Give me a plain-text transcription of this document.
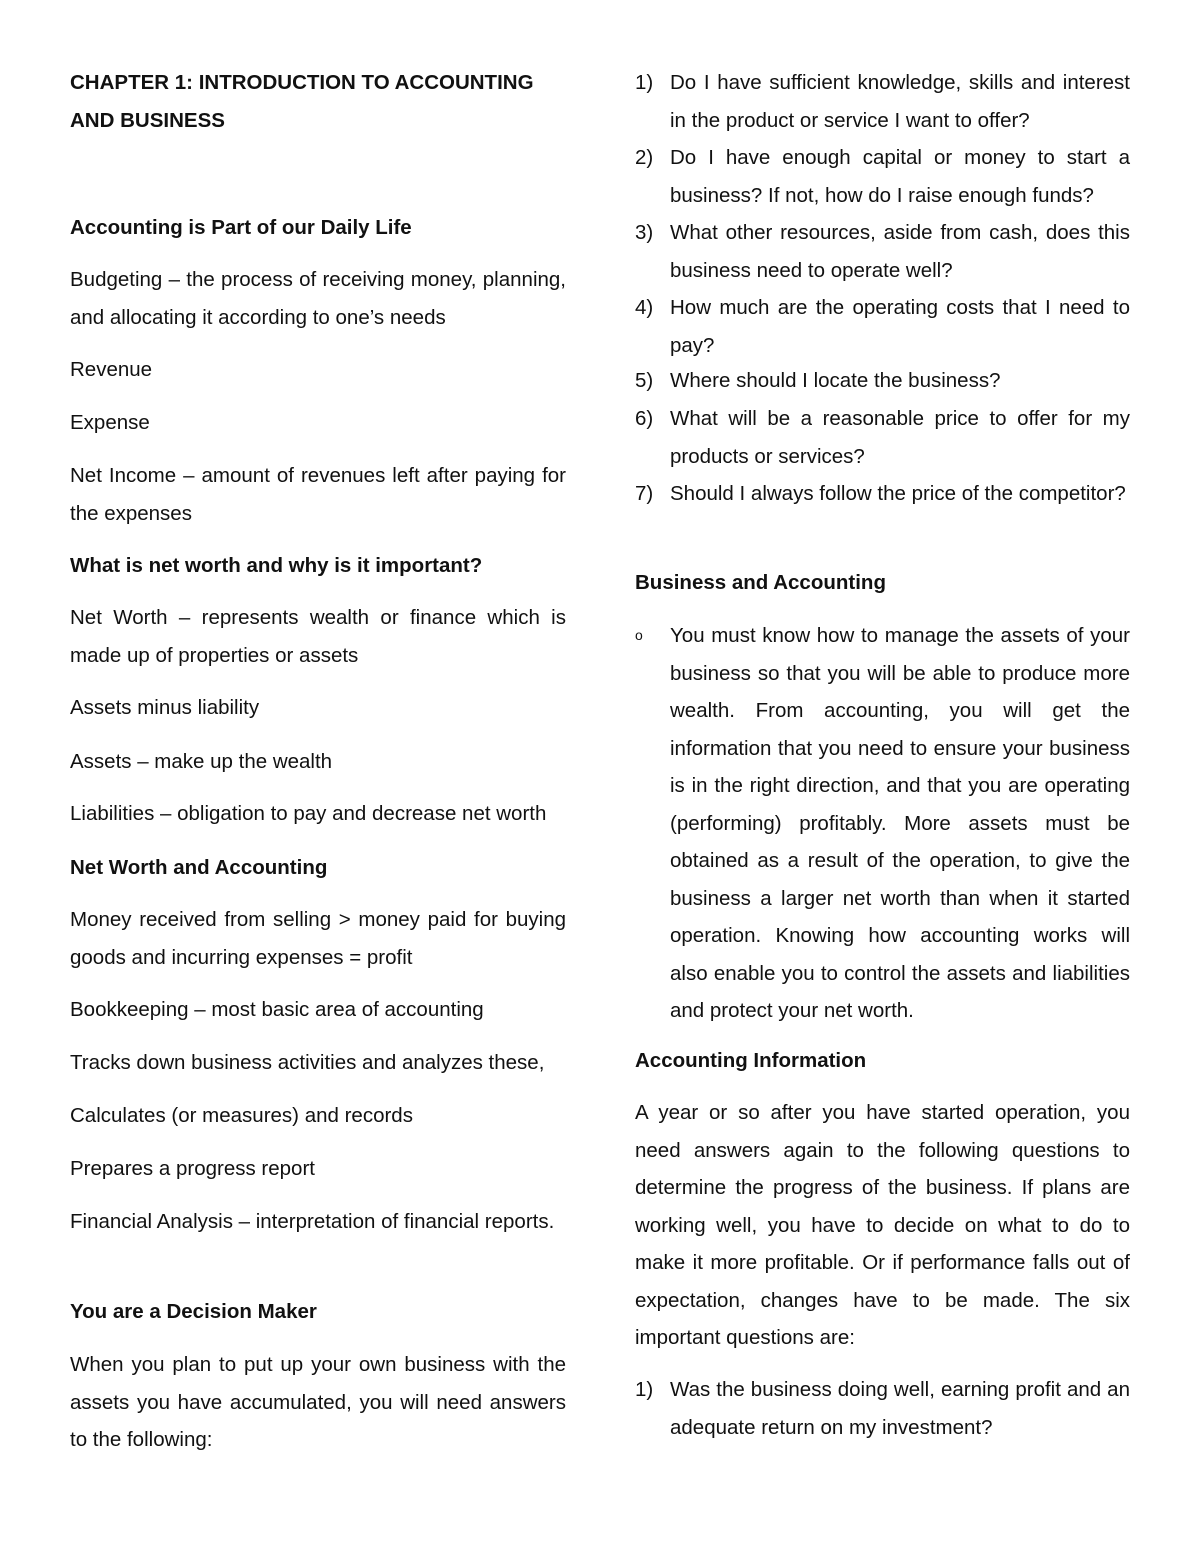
CHAPTER 1: INTRODUCTION TO ACCOUNTING AND BUSINESS
Accounting is Part of our Daily Life
Budgeting – the process of receiving money, planning, and allocating it according to one’s needs
Revenue
Expense
Net Income – amount of revenues left after paying for the expenses
What is net worth and why is it important?
Net Worth – represents wealth or finance which is made up of properties or assets
Assets minus liability
Assets – make up the wealth
Liabilities – obligation to pay and decrease net worth
Net Worth and Accounting
Money received from selling > money paid for buying goods and incurring expenses = profit
Bookkeeping – most basic area of accounting
Tracks down business activities and analyzes these,
Calculates (or measures) and records
Prepares a progress report
Financial Analysis – interpretation of financial reports.
You are a Decision Maker
When you plan to put up your own business with the assets you have accumulated, you will need answers to the following:
1) Do I have sufficient knowledge, skills and interest in the product or service I want to offer?
2) Do I have enough capital or money to start a business? If not, how do I raise enough funds?
3) What other resources, aside from cash, does this business need to operate well?
4) How much are the operating costs that I need to pay?
5) Where should I locate the business?
6) What will be a reasonable price to offer for my products or services?
7) Should I always follow the price of the competitor?
Business and Accounting
o	You must know how to manage the assets of your business so that you will be able to produce more wealth. From accounting, you will get the information that you need to ensure your business is in the right direction, and that you are operating (performing) profitably. More assets must be obtained as a result of the operation, to give the business a larger net worth than when it started operation. Knowing how accounting works will also enable you to control the assets and liabilities and protect your net worth.
Accounting Information
A year or so after you have started operation, you need answers again to the following questions to determine the progress of the business. If plans are working well, you have to decide on what to do to make it more profitable. Or if performance falls out of expectation, changes have to be made. The six important questions are:
1) Was the business doing well, earning profit and an adequate return on my investment?
